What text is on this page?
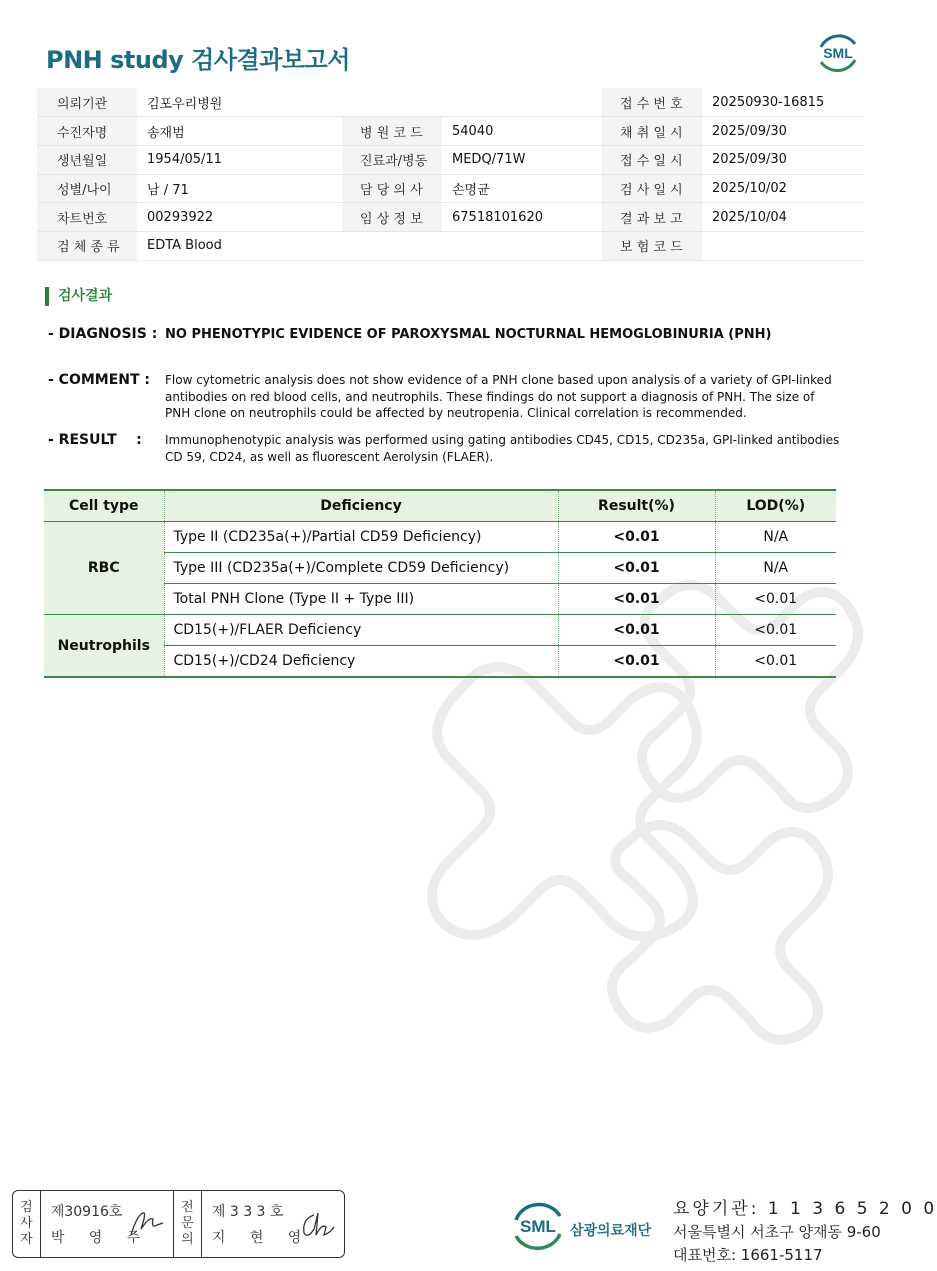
PNH study 검사결과보고서	SML
의뢰기관	김포우리병원			접 수 번 호	20250930-16815
수진자명	송재범	병 원 코 드	54040	채 취 일 시	2025/09/30
생년월일	1954/05/11	진료과/병동	MEDQ/71W	접 수 일 시	2025/09/30
성별/나이	남 / 71	담 당 의 사	손명균	검 사 일 시	2025/10/02
차트번호	00293922	임 상 정 보	67518101620	결 과 보 고	2025/10/04
검 체 종 류	EDTA Blood			보 험 코 드	
검사결과
- DIAGNOSIS : NO PHENOTYPIC EVIDENCE OF PAROXYSMAL NOCTURNAL HEMOGLOBINURIA (PNH)
- COMMENT : Flow cytometric analysis does not show evidence of a PNH clone based upon analysis of a variety of GPI-linked antibodies on red blood cells, and neutrophils. These findings do not support a diagnosis of PNH. The size of PNH clone on neutrophils could be affected by neutropenia. Clinical correlation is recommended.
- RESULT    : Immunophenotypic analysis was performed using gating antibodies CD45, CD15, CD235a, GPI-linked antibodies CD 59, CD24, as well as fluorescent Aerolysin (FLAER).
Cell type	Deficiency	Result(%)	LOD(%)
RBC	Type II (CD235a(+)/Partial CD59 Deficiency)	<0.01	N/A
	Type III (CD235a(+)/Complete CD59 Deficiency)	<0.01	N/A
	Total PNH Clone (Type II + Type III)	<0.01	<0.01
Neutrophils	CD15(+)/FLAER Deficiency	<0.01	<0.01
	CD15(+)/CD24 Deficiency	<0.01	<0.01
검
사
자
제30916호
박 영 주
전
문
의
제 3 3 3 호
지 현 영
SML 삼광의료재단
요양기관: 1 1 3 6 5 2 0 0
서울특별시 서초구 양재동 9-60
대표번호: 1661-5117
